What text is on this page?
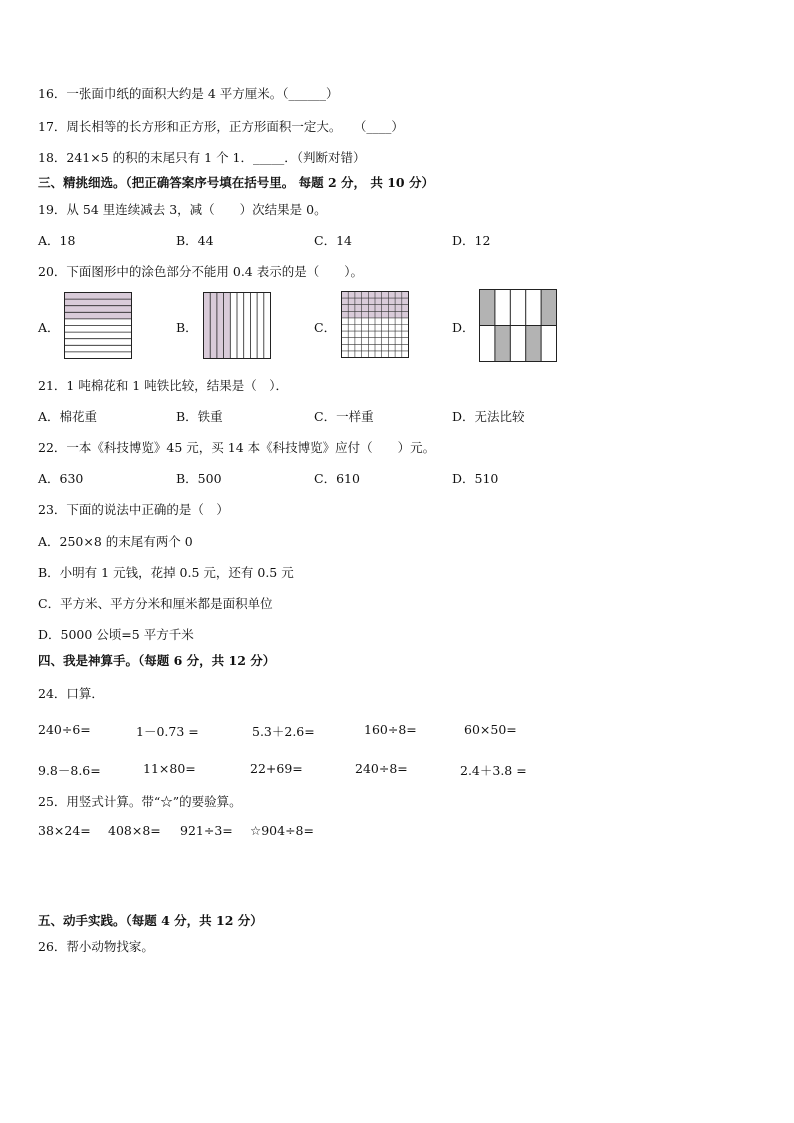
16．一张面巾纸的面积大约是 4 平方厘米。（______）
17．周长相等的长方形和正方形，正方形面积一定大。　　（____）
18．241×5 的积的末尾只有 1 个 1．_____．（判断对错）
三、精挑细选。（把正确答案序号填在括号里。 每题 2 分， 共 10 分）
19．从 54 里连续减去 3，减（　　）次结果是 0。
A．18	B．44	C．14	D．12
20．下面图形中的涂色部分不能用 0.4 表示的是（　　）。
A．	B．	C．	D．
21．1 吨棉花和 1 吨铁比较，结果是（　）．
A．棉花重	B．铁重	C．一样重	D．无法比较
22．一本《科技博览》45 元，买 14 本《科技博览》应付（　　）元。
A．630	B．500	C．610	D．510
23．下面的说法中正确的是（　）
A．250×8 的末尾有两个 0
B．小明有 1 元钱，花掉 0.5 元，还有 0.5 元
C．平方米、平方分米和厘米都是面积单位
D．5000 公顷=5 平方千米
四、我是神算手。（每题 6 分，共 12 分）
24．口算．
240÷6=	1－0.73 =	5.3＋2.6=	160÷8=	60×50=
9.8－8.6=	11×80=	22+69=	240÷8=	2.4＋3.8 =
25．用竖式计算。带“☆”的要验算。
38×24= 408×8= 921÷3= ☆904÷8=
五、动手实践。（每题 4 分，共 12 分）
26．帮小动物找家。
